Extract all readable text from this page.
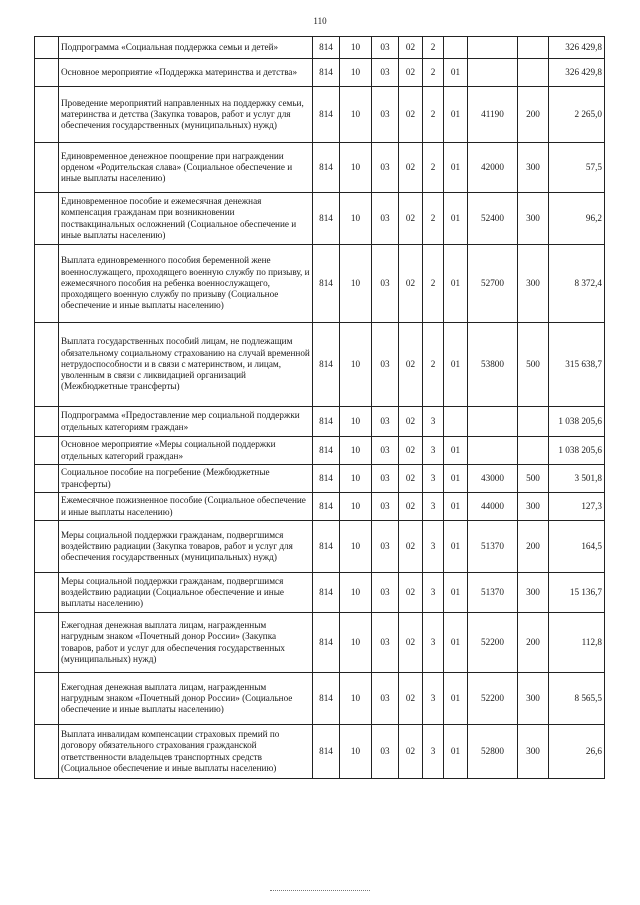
110
	Подпрограмма «Социальная поддержка семьи и детей»	814	10	03	02	2				326 429,8
	Основное мероприятие «Поддержка материнства и детства»	814	10	03	02	2	01			326 429,8
	Проведение мероприятий направленных на поддержку семьи, материнства и детства (Закупка товаров, работ и услуг для обеспечения государственных (муниципальных) нужд)	814	10	03	02	2	01	41190	200	2 265,0
	Единовременное денежное поощрение при награждении орденом «Родительская слава» (Социальное обеспечение и иные выплаты населению)	814	10	03	02	2	01	42000	300	57,5
	Единовременное пособие и ежемесячная денежная компенсация гражданам при возникновении поствакцинальных осложнений (Социальное обеспечение и иные выплаты населению)	814	10	03	02	2	01	52400	300	96,2
	Выплата единовременного пособия беременной жене военнослужащего, проходящего военную службу по призыву, и ежемесячного пособия на ребенка военнослужащего, проходящего военную службу по призыву (Социальное обеспечение и иные выплаты населению)	814	10	03	02	2	01	52700	300	8 372,4
	Выплата государственных пособий лицам, не подлежащим обязательному социальному страхованию на случай временной нетрудоспособности и в связи с материнством, и лицам, уволенным в связи с ликвидацией организаций (Межбюджетные трансферты)	814	10	03	02	2	01	53800	500	315 638,7
	Подпрограмма «Предоставление мер социальной поддержки отдельных категориям граждан»	814	10	03	02	3				1 038 205,6
	Основное мероприятие «Меры социальной поддержки отдельных категорий граждан»	814	10	03	02	3	01			1 038 205,6
	Социальное пособие на погребение (Межбюджетные трансферты)	814	10	03	02	3	01	43000	500	3 501,8
	Ежемесячное пожизненное пособие (Социальное обеспечение и иные выплаты населению)	814	10	03	02	3	01	44000	300	127,3
	Меры социальной поддержки гражданам, подвергшимся воздействию радиации (Закупка товаров, работ и услуг для обеспечения государственных (муниципальных) нужд)	814	10	03	02	3	01	51370	200	164,5
	Меры социальной поддержки гражданам, подвергшимся воздействию радиации (Социальное обеспечение и иные выплаты населению)	814	10	03	02	3	01	51370	300	15 136,7
	Ежегодная денежная выплата лицам, награжденным нагрудным знаком «Почетный донор России» (Закупка товаров, работ и услуг для обеспечения государственных (муниципальных) нужд)	814	10	03	02	3	01	52200	200	112,8
	Ежегодная денежная выплата лицам, награжденным нагрудным знаком «Почетный донор России» (Социальное обеспечение и иные выплаты населению)	814	10	03	02	3	01	52200	300	8 565,5
	Выплата инвалидам компенсации страховых премий по договору обязательного страхования гражданской ответственности владельцев транспортных средств (Социальное обеспечение и иные выплаты населению)	814	10	03	02	3	01	52800	300	26,6
